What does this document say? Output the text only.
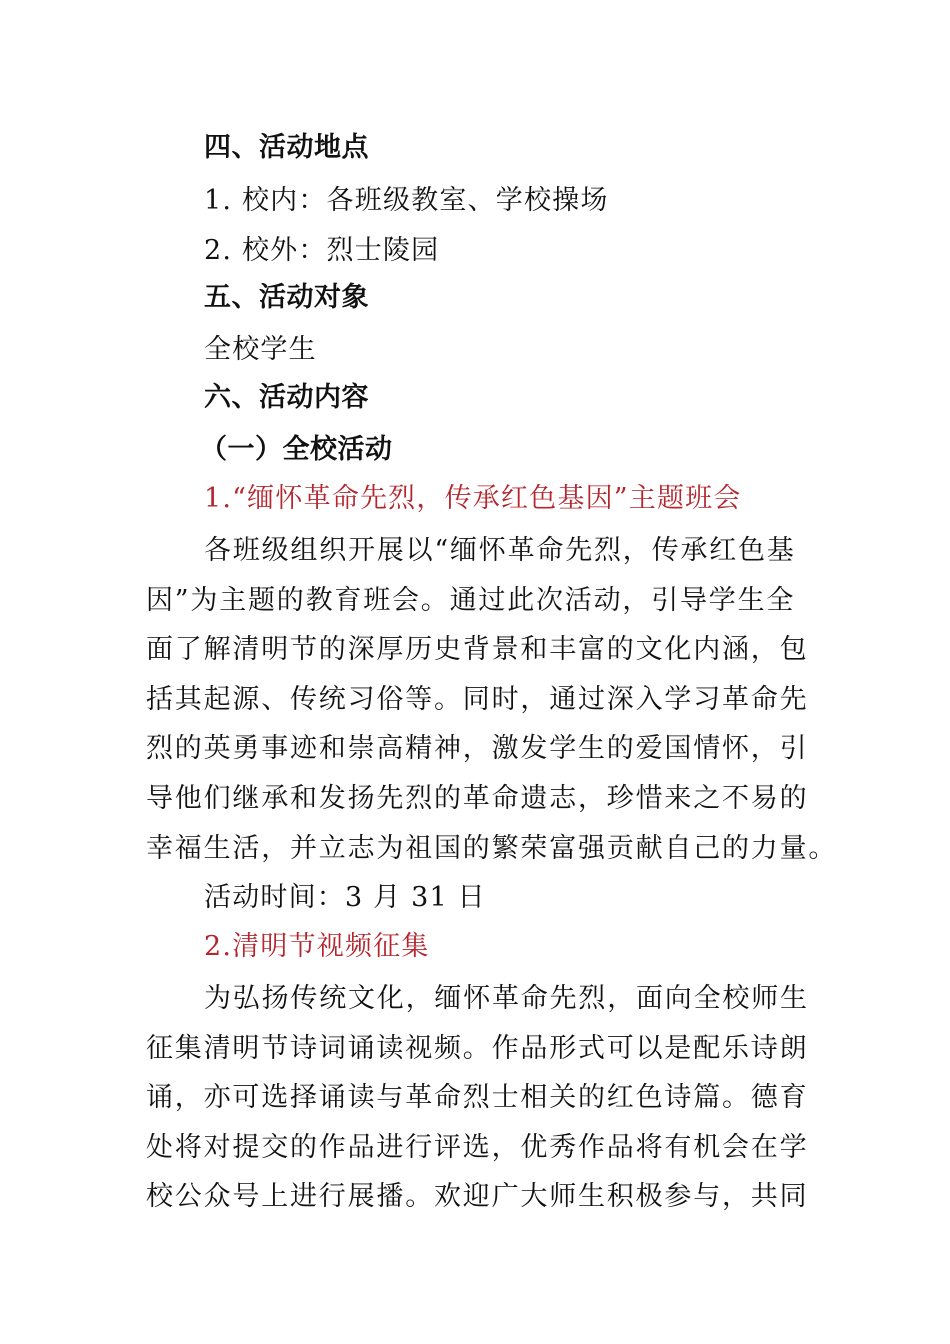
四、活动地点
1. 校内：各班级教室、学校操场
2. 校外：烈士陵园
五、活动对象
全校学生
六、活动内容
（一）全校活动
1.“缅怀革命先烈，传承红色基因”主题班会
各班级组织开展以“缅怀革命先烈，传承红色基
因”为主题的教育班会。通过此次活动，引导学生全
面了解清明节的深厚历史背景和丰富的文化内涵，包
括其起源、传统习俗等。同时，通过深入学习革命先
烈的英勇事迹和崇高精神，激发学生的爱国情怀，引
导他们继承和发扬先烈的革命遗志，珍惜来之不易的
幸福生活，并立志为祖国的繁荣富强贡献自己的力量。
活动时间：3 月 31 日
2.清明节视频征集
为弘扬传统文化，缅怀革命先烈，面向全校师生
征集清明节诗词诵读视频。作品形式可以是配乐诗朗
诵，亦可选择诵读与革命烈士相关的红色诗篇。德育
处将对提交的作品进行评选，优秀作品将有机会在学
校公众号上进行展播。欢迎广大师生积极参与，共同
